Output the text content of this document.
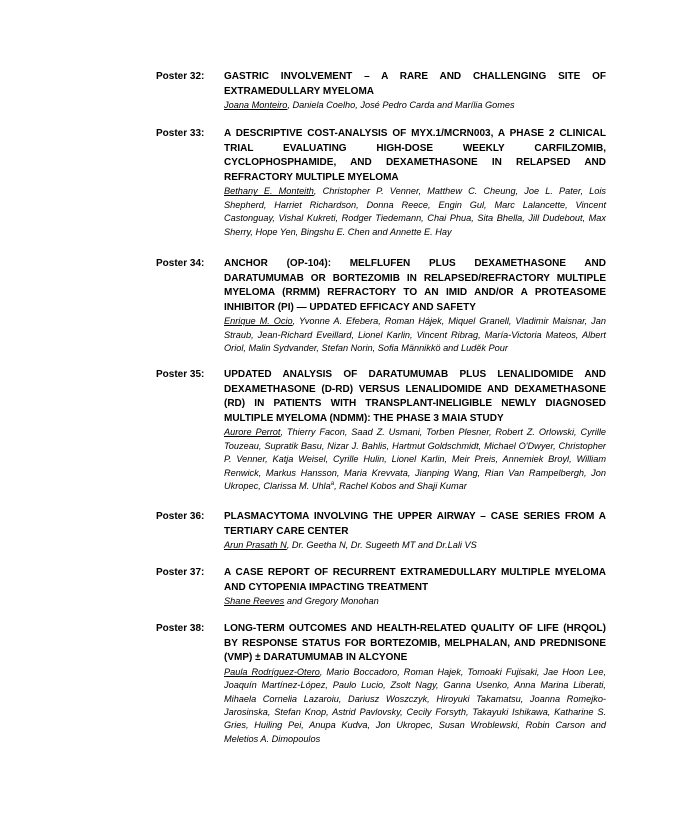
Poster 32:	GASTRIC INVOLVEMENT – A RARE AND CHALLENGING SITE OF EXTRAMEDULLARY MYELOMA

Joana Monteiro, Daniela Coelho, José Pedro Carda and Marília Gomes

Poster 33:	A DESCRIPTIVE COST-ANALYSIS OF MYX.1/MCRN003, A PHASE 2 CLINICAL TRIAL EVALUATING HIGH-DOSE WEEKLY CARFILZOMIB, CYCLOPHOSPHAMIDE, AND DEXAMETHASONE IN RELAPSED AND REFRACTORY MULTIPLE MYELOMA

Bethany E. Monteith, Christopher P. Venner, Matthew C. Cheung, Joe L. Pater, Lois Shepherd, Harriet Richardson, Donna Reece, Engin Gul, Marc Lalancette, Vincent Castonguay, Vishal Kukreti, Rodger Tiedemann, Chai Phua, Sita Bhella, Jill Dudebout, Max Sherry, Hope Yen, Bingshu E. Chen and Annette E. Hay

Poster 34:	ANCHOR (OP-104): MELFLUFEN PLUS DEXAMETHASONE AND DARATUMUMAB OR BORTEZOMIB IN RELAPSED/REFRACTORY MULTIPLE MYELOMA (RRMM) REFRACTORY TO AN IMID AND/OR A PROTEASOME INHIBITOR (PI) — UPDATED EFFICACY AND SAFETY

Enrique M. Ocio, Yvonne A. Efebera, Roman Hájek, Miquel Granell, Vladimir Maisnar, Jan Straub, Jean-Richard Eveillard, Lionel Karlin, Vincent Ribrag, María-Victoria Mateos, Albert Oriol, Malin Sydvander, Stefan Norin, Sofia Männikkö and Luděk Pour

Poster 35:	UPDATED ANALYSIS OF DARATUMUMAB PLUS LENALIDOMIDE AND DEXAMETHASONE (D-RD) VERSUS LENALIDOMIDE AND DEXAMETHASONE (RD) IN PATIENTS WITH TRANSPLANT-INELIGIBLE NEWLY DIAGNOSED MULTIPLE MYELOMA (NDMM): THE PHASE 3 MAIA STUDY

Aurore Perrot, Thierry Facon, Saad Z. Usmani, Torben Plesner, Robert Z. Orlowski, Cyrille Touzeau, Supratik Basu, Nizar J. Bahlis, Hartmut Goldschmidt, Michael O'Dwyer, Christopher P. Venner, Katja Weisel, Cyrille Hulin, Lionel Karlin, Meir Preis, Annemiek Broyl, William Renwick, Markus Hansson, Maria Krevvata, Jianping Wang, Rian Van Rampelbergh, Jon Ukropec, Clarissa M. Uhla$^a$, Rachel Kobos and Shaji Kumar

Poster 36:	PLASMACYTOMA INVOLVING THE UPPER AIRWAY – CASE SERIES FROM A TERTIARY CARE CENTER

Arun Prasath N, Dr. Geetha N, Dr. Sugeeth MT and Dr.Lali VS

Poster 37:	A CASE REPORT OF RECURRENT EXTRAMEDULLARY MULTIPLE MYELOMA AND CYTOPENIA IMPACTING TREATMENT

Shane Reeves and Gregory Monohan

Poster 38:	LONG-TERM OUTCOMES AND HEALTH-RELATED QUALITY OF LIFE (HRQOL) BY RESPONSE STATUS FOR BORTEZOMIB, MELPHALAN, AND PREDNISONE (VMP) ± DARATUMUMAB IN ALCYONE

Paula Rodríguez-Otero, Mario Boccadoro, Roman Hajek, Tomoaki Fujisaki, Jae Hoon Lee, Joaquín Martínez-López, Paulo Lucio, Zsolt Nagy, Ganna Usenko, Anna Marina Liberati, Mihaela Cornelia Lazaroiu, Dariusz Woszczyk, Hiroyuki Takamatsu, Joanna Romejko-Jarosinska, Stefan Knop, Astrid Pavlovsky, Cecily Forsyth, Takayuki Ishikawa, Katharine S. Gries, Huiling Pei, Anupa Kudva, Jon Ukropec, Susan Wroblewski, Robin Carson and Meletios A. Dimopoulos
